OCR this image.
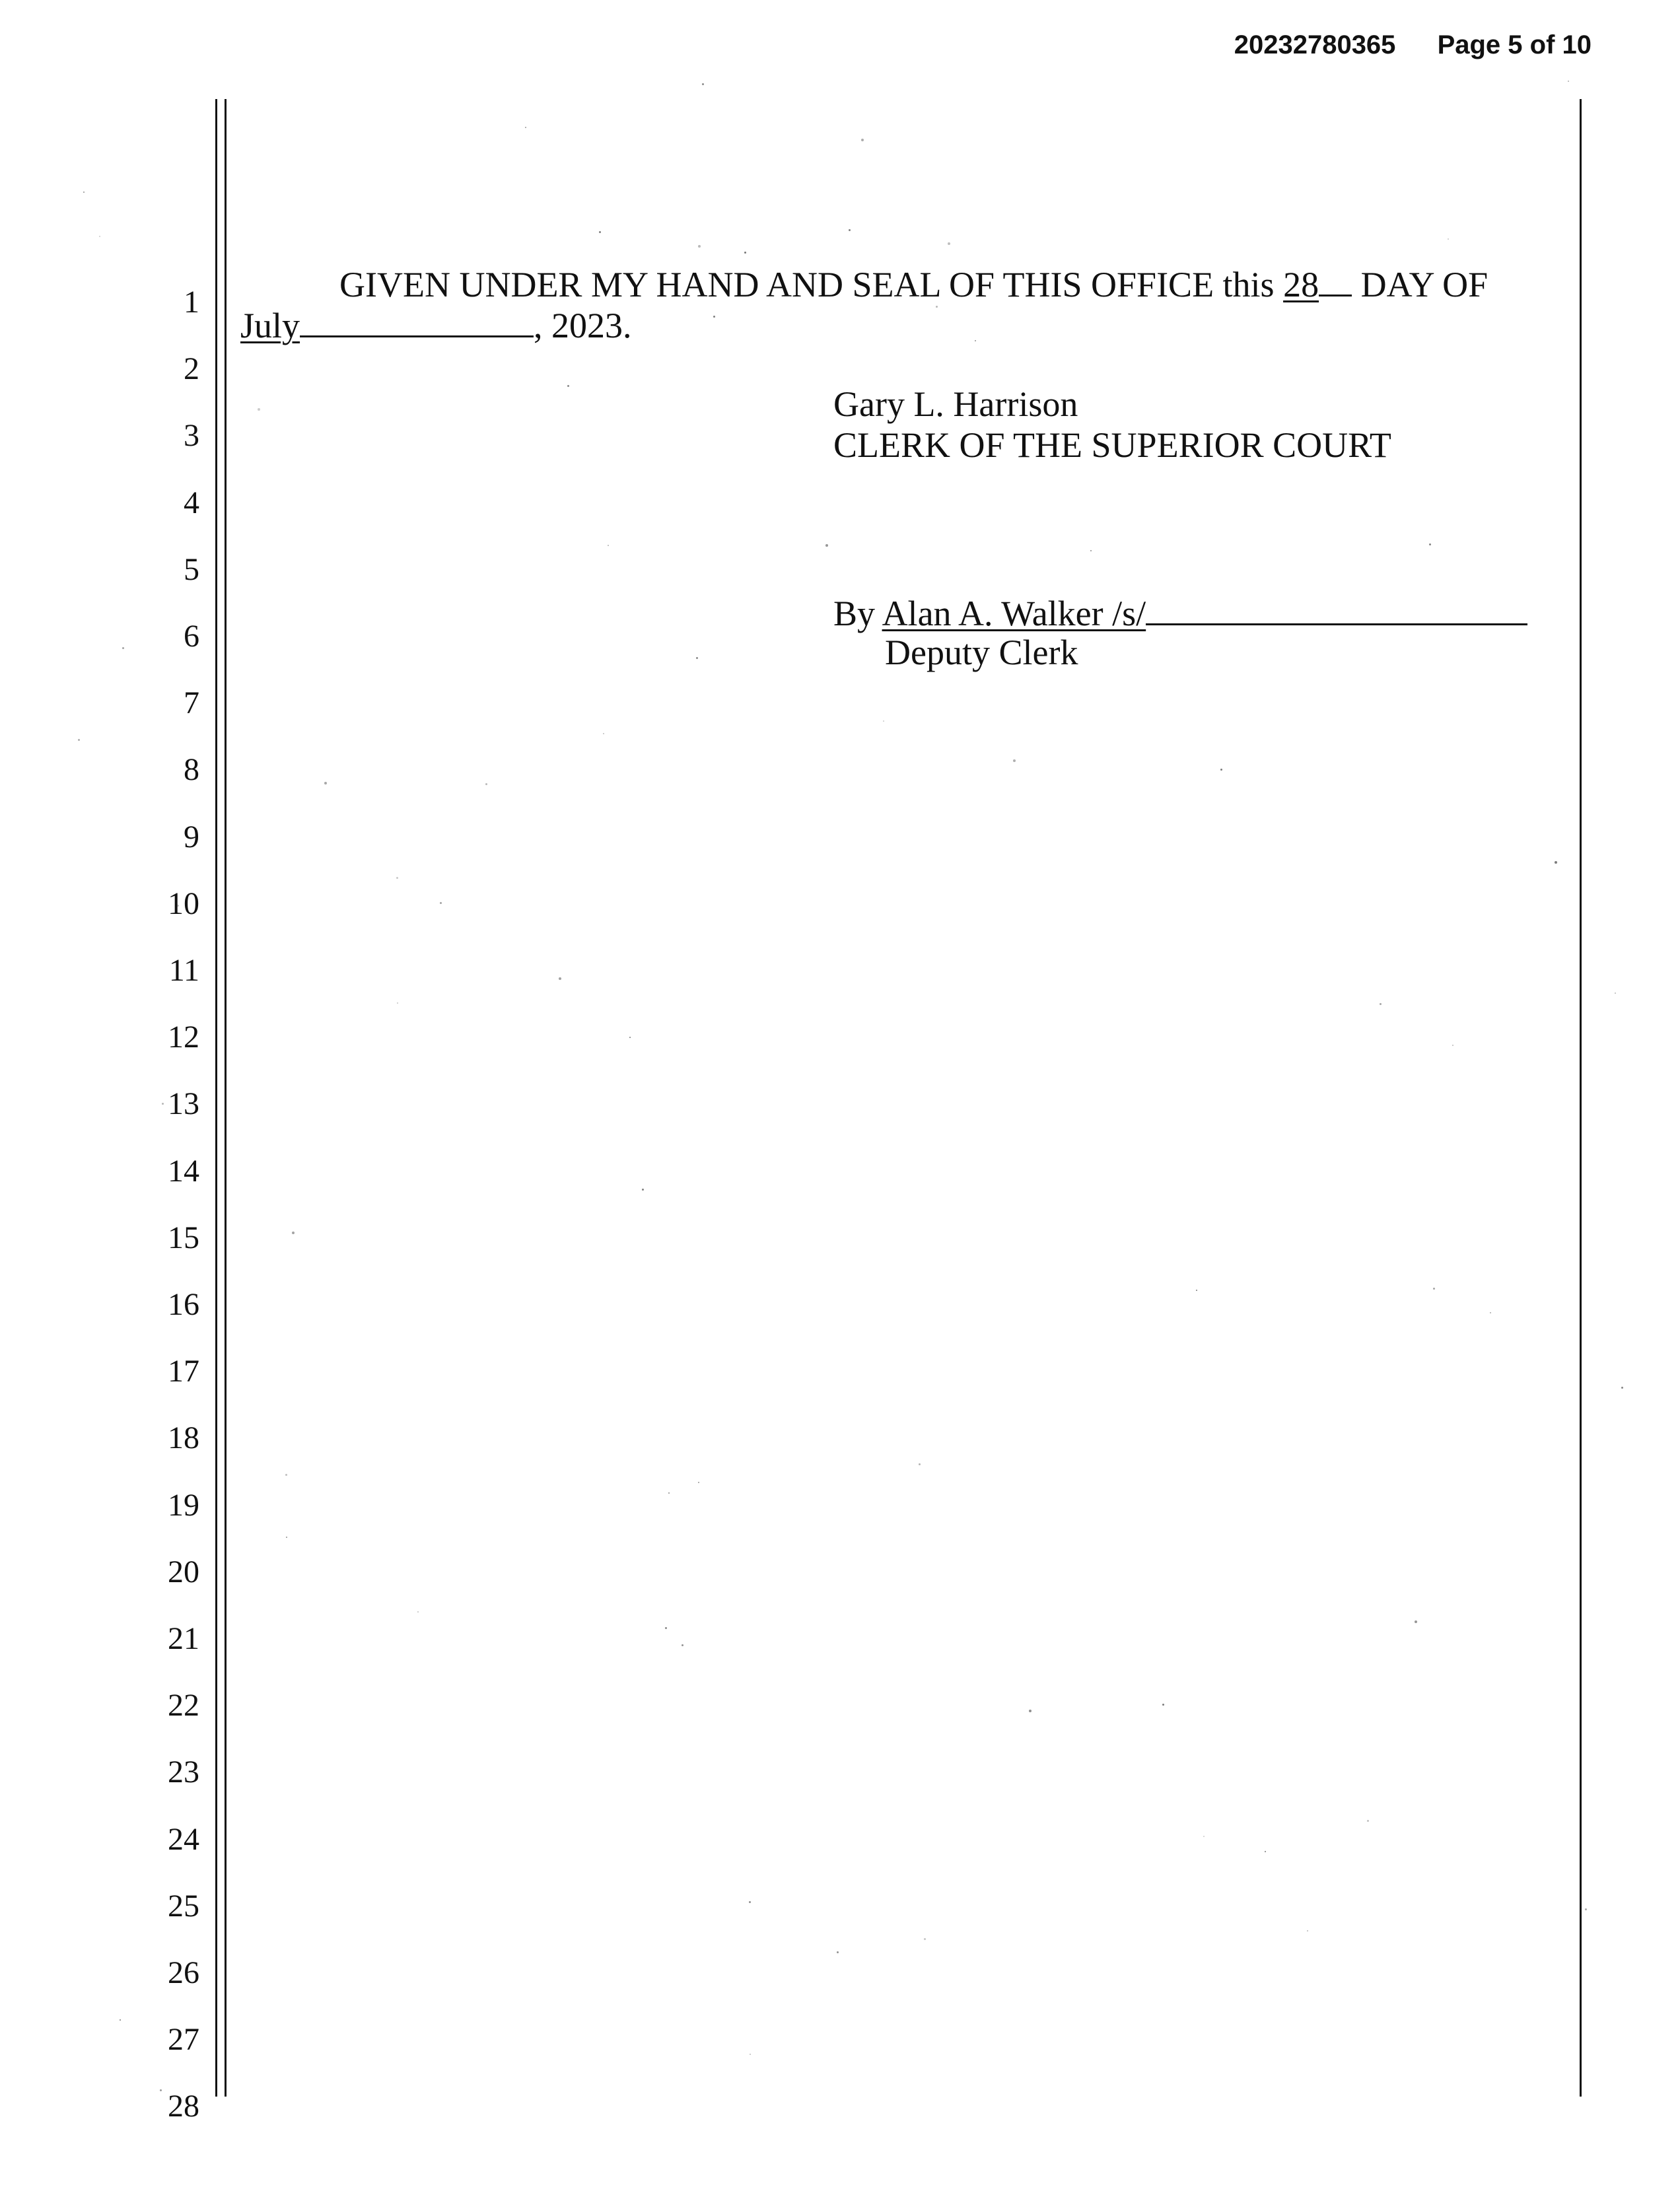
20232780365 Page 5 of 10
1
2
3
4
5
6
7
8
9
10
11
12
13
14
15
16
17
18
19
20
21
22
23
24
25
26
27
28
GIVEN UNDER MY HAND AND SEAL OF THIS OFFICE this 28 DAY OF
July	, 2023.
Gary L. Harrison
CLERK OF THE SUPERIOR COURT
By Alan A. Walker /s/
Deputy Clerk
